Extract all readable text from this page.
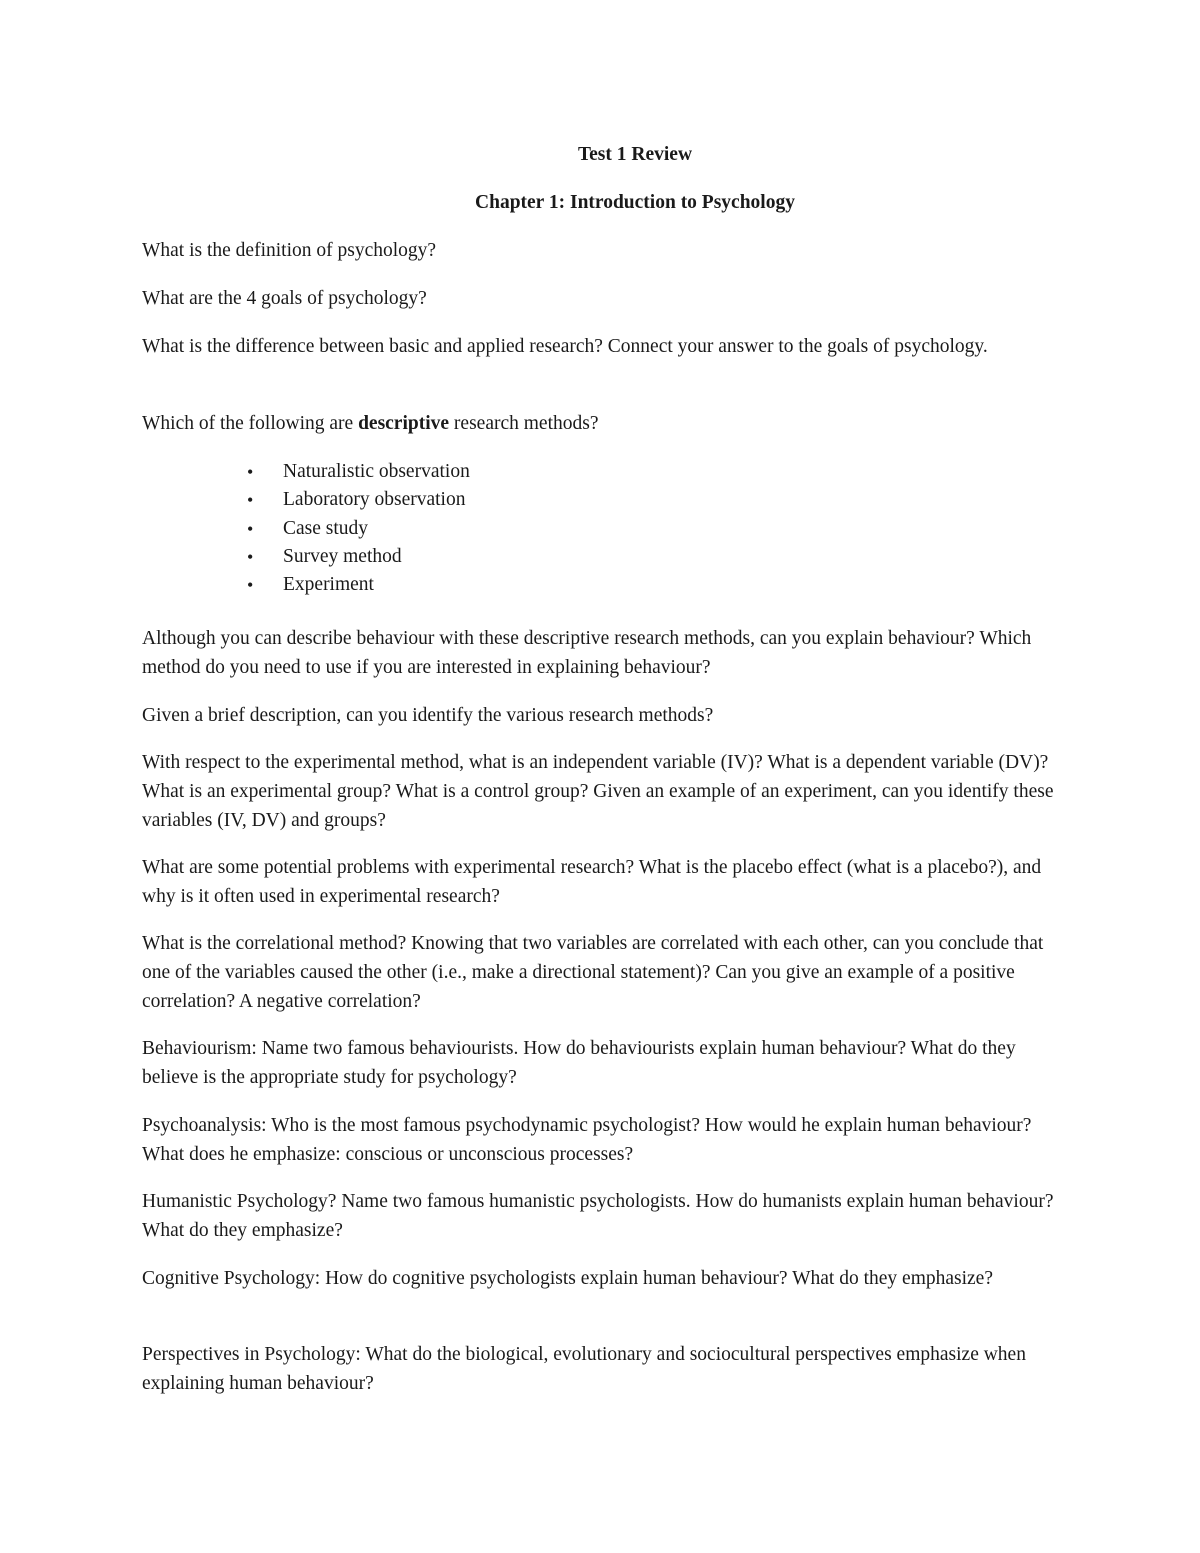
Test 1 Review

Chapter 1: Introduction to Psychology

What is the definition of psychology?

What are the 4 goals of psychology?

What is the difference between basic and applied research? Connect your answer to the goals of psychology.

Which of the following are descriptive research methods?

• Naturalistic observation
• Laboratory observation
• Case study
• Survey method
• Experiment

Although you can describe behaviour with these descriptive research methods, can you explain behaviour? Which method do you need to use if you are interested in explaining behaviour?

Given a brief description, can you identify the various research methods?

With respect to the experimental method, what is an independent variable (IV)? What is a dependent variable (DV)? What is an experimental group? What is a control group? Given an example of an experiment, can you identify these variables (IV, DV) and groups?

What are some potential problems with experimental research? What is the placebo effect (what is a placebo?), and why is it often used in experimental research?

What is the correlational method? Knowing that two variables are correlated with each other, can you conclude that one of the variables caused the other (i.e., make a directional statement)? Can you give an example of a positive correlation? A negative correlation?

Behaviourism: Name two famous behaviourists. How do behaviourists explain human behaviour? What do they believe is the appropriate study for psychology?

Psychoanalysis: Who is the most famous psychodynamic psychologist? How would he explain human behaviour? What does he emphasize: conscious or unconscious processes?

Humanistic Psychology? Name two famous humanistic psychologists. How do humanists explain human behaviour? What do they emphasize?

Cognitive Psychology: How do cognitive psychologists explain human behaviour? What do they emphasize?

Perspectives in Psychology: What do the biological, evolutionary and sociocultural perspectives emphasize when explaining human behaviour?
